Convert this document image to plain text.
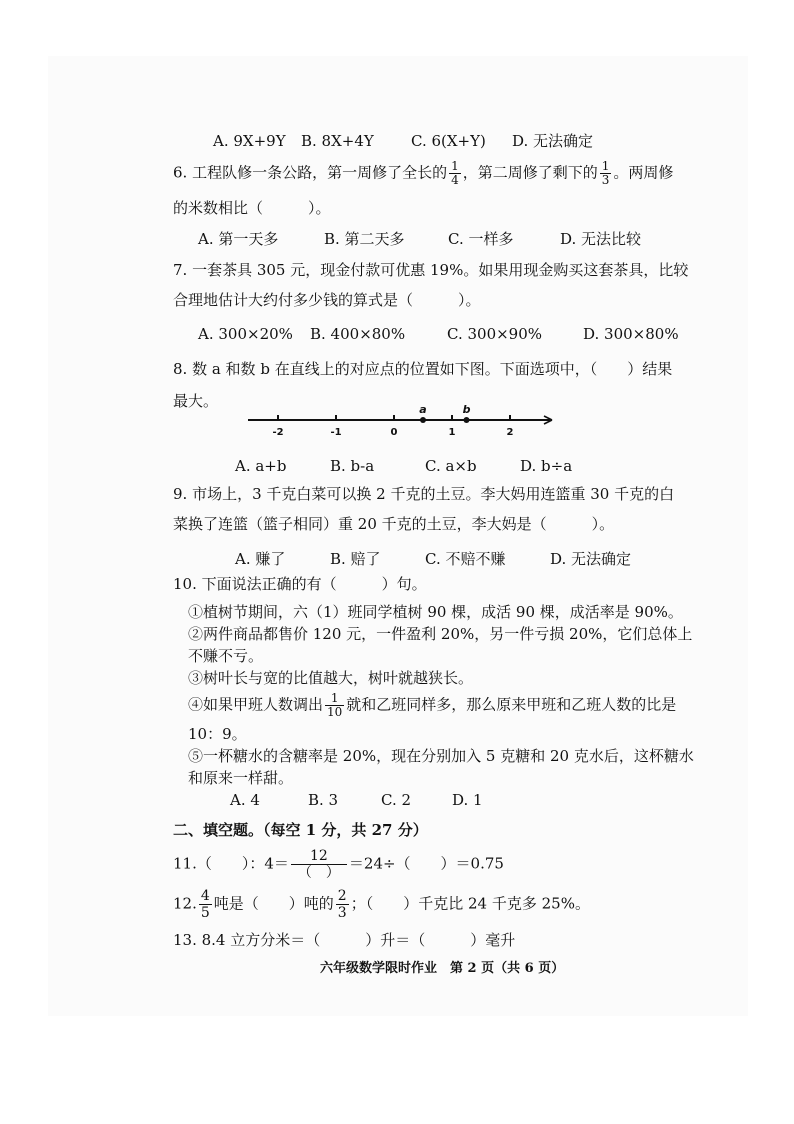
A. 9X+9Y B. 8X+4Y C. 6(X+Y) D. 无法确定
6. 工程队修一条公路，第一周修了全长的 $\frac{1}{4}$ ，第二周修了剩下的 $\frac{1}{3}$ 。两周修
的米数相比（　　　）。
A. 第一天多	B. 第二天多	C. 一样多	D. 无法比较
7. 一套茶具 305 元，现金付款可优惠 19%。如果用现金购买这套茶具，比较
合理地估计大约付多少钱的算式是（　　　）。
A. 300×20% B. 400×80%	C. 300×90%	D. 300×80%
8. 数 a 和数 b 在直线上的对应点的位置如下图。下面选项中，（　　）结果
最大。
-2	-1	0	1	2
a	b
A. a+b	B. b-a	C. a×b	D. b÷a
9. 市场上，3 千克白菜可以换 2 千克的土豆。李大妈用连篮重 30 千克的白
菜换了连篮（篮子相同）重 20 千克的土豆，李大妈是（　　　）。
A. 赚了	B. 赔了	C. 不赔不赚	D. 无法确定
10. 下面说法正确的有（　　　）句。
①植树节期间，六（1）班同学植树 90 棵，成活 90 棵，成活率是 90%。
②两件商品都售价 120 元，一件盈利 20%，另一件亏损 20%，它们总体上
不赚不亏。
③树叶长与宽的比值越大，树叶就越狭长。
④如果甲班人数调出 $\frac{1}{10}$ 就和乙班同样多，那么原来甲班和乙班人数的比是
10：9。
⑤一杯糖水的含糖率是 20%，现在分别加入 5 克糖和 20 克水后，这杯糖水
和原来一样甜。
A. 4	B. 3	C. 2	D. 1
二、填空题。（每空 1 分，共 27 分）
11.（　　）：$4= \frac{12}{( )} =24\div$（　　）＝0.75
12. $\frac{4}{5}$ 吨是（　　）吨的 $\frac{2}{3}$ ；（　　）千克比 24 千克多 25%。
13. 8.4 立方分米＝（　　　）升＝（　　　）毫升
六年级数学限时作业　第 2 页（共 6 页）
